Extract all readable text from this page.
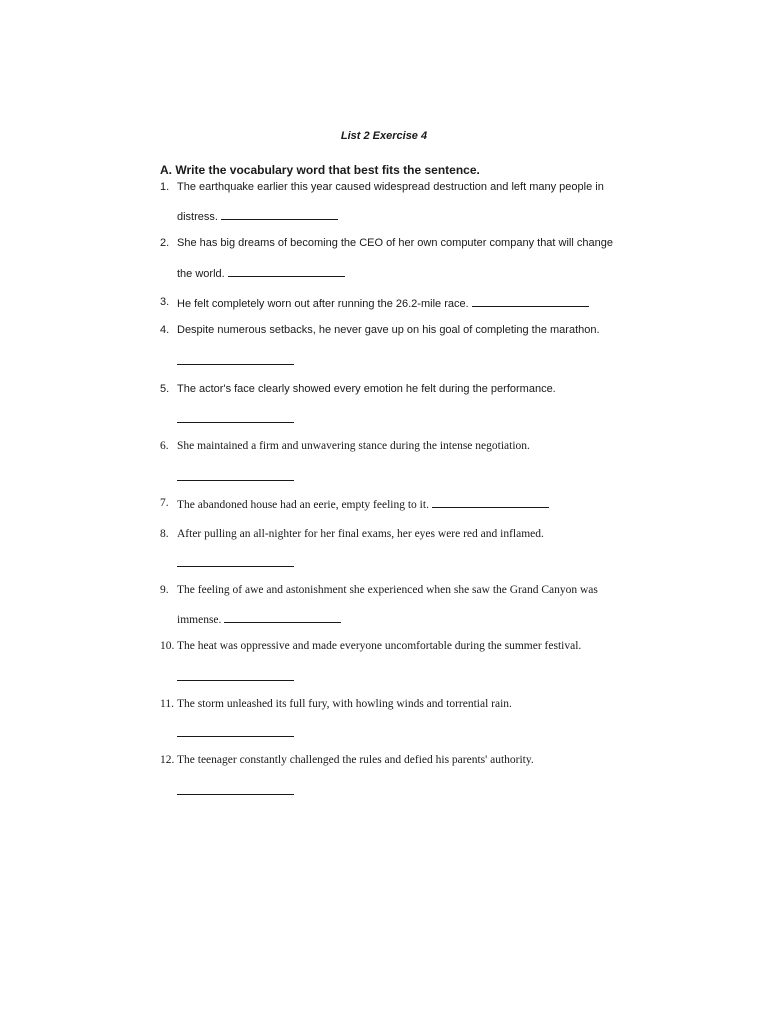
List 2 Exercise 4
A. Write the vocabulary word that best fits the sentence.
1. The earthquake earlier this year caused widespread destruction and left many people in
distress.
2. She has big dreams of becoming the CEO of her own computer company that will change
the world.
3. He felt completely worn out after running the 26.2-mile race.
4. Despite numerous setbacks, he never gave up on his goal of completing the marathon.
5. The actor's face clearly showed every emotion he felt during the performance.
6. She maintained a firm and unwavering stance during the intense negotiation.
7. The abandoned house had an eerie, empty feeling to it.
8. After pulling an all-nighter for her final exams, her eyes were red and inflamed.
9. The feeling of awe and astonishment she experienced when she saw the Grand Canyon was
immense.
10. The heat was oppressive and made everyone uncomfortable during the summer festival.
11. The storm unleashed its full fury, with howling winds and torrential rain.
12. The teenager constantly challenged the rules and defied his parents' authority.
